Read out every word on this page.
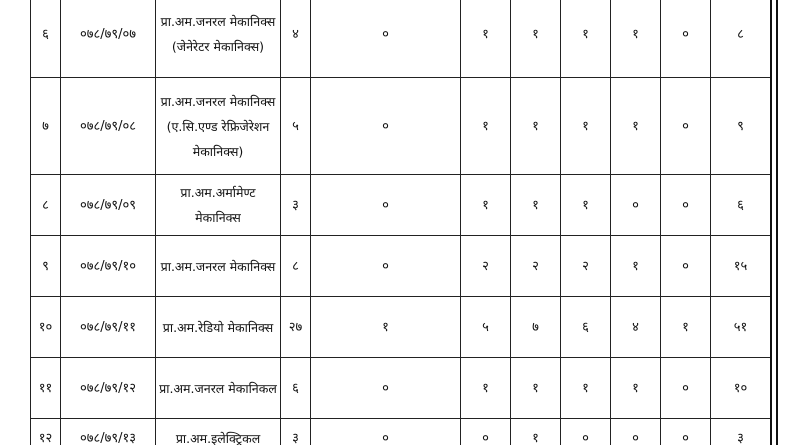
६	०७८/७९/०७	प्रा.अम.जनरल मेकानिक्स (जेनेरेटर मेकानिक्स)	४	०	१	१	१	१	०	८
७	०७८/७९/०८	प्रा.अम.जनरल मेकानिक्स (ए.सि.एण्ड रेफ्रिजेरेशन मेकानिक्स)	५	०	१	१	१	१	०	९
८	०७८/७९/०९	प्रा.अम.अर्मामेण्ट मेकानिक्स	३	०	१	१	१	०	०	६
९	०७८/७९/१०	प्रा.अम.जनरल मेकानिक्स	८	०	२	२	२	१	०	१५
१०	०७८/७९/११	प्रा.अम.रेडियो मेकानिक्स	२७	१	५	७	६	४	१	५१
११	०७८/७९/१२	प्रा.अम.जनरल मेकानिकल	६	०	१	१	१	१	०	१०
१२	०७८/७९/१३	प्रा.अम.इलेक्ट्रिकल	३	०	०	१	०	०	०	३
